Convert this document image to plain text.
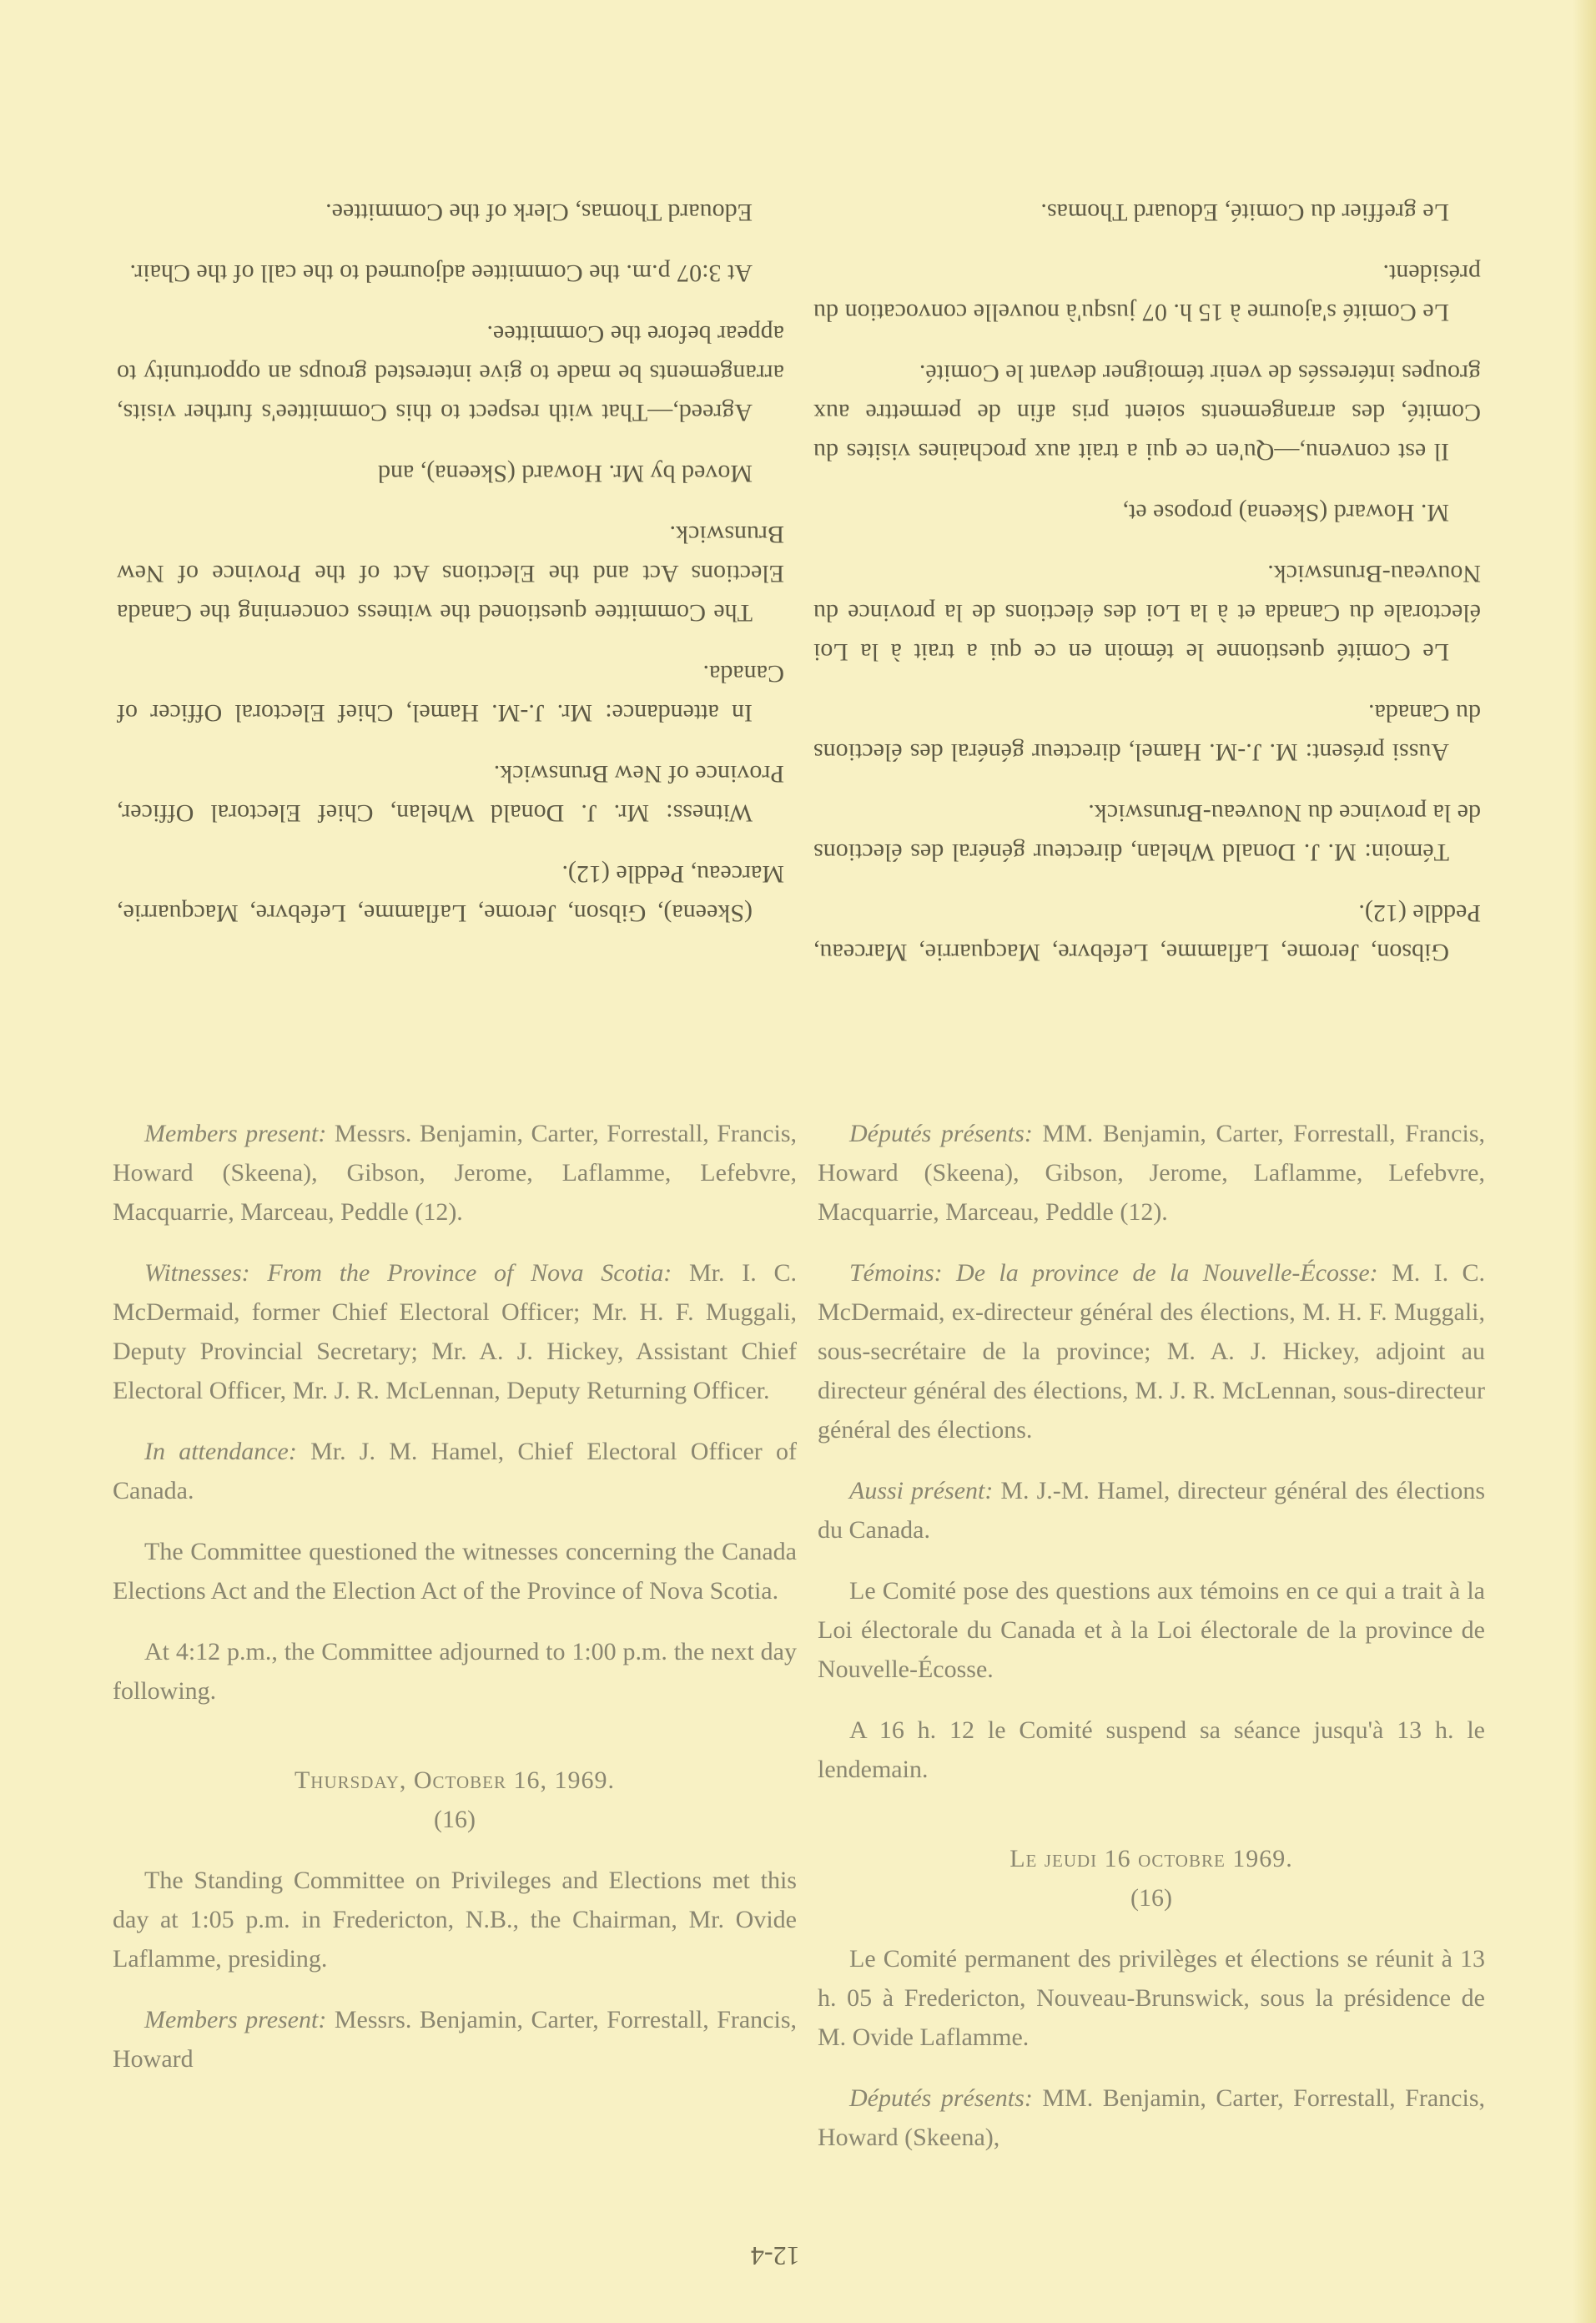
Gibson, Jerome, Laflamme, Lefebvre, Macquarrie, Marceau, Peddle (12).

Témoin: M. J. Donald Whelan, directeur général des élections de la province du Nouveau-Brunswick.

Aussi présent: M. J.-M. Hamel, directeur général des élections du Canada.

Le Comité questionne le témoin en ce qui a trait à la Loi électorale du Canada et à la Loi des élections de la province du Nouveau-Brunswick.

M. Howard (Skeena) propose et,

Il est convenu,—Qu'en ce qui a trait aux prochaines visites du Comité, des arrangements soient pris afin de permettre aux groupes intéressés de venir témoigner devant le Comité.

Le Comité s'ajourne à 15 h. 07 jusqu'à nouvelle convocation du président.

Le greffier du Comité, Edouard Thomas.

(Skeena), Gibson, Jerome, Laflamme, Lefebvre, Macquarrie, Marceau, Peddle (12).

Witness: Mr. J. Donald Whelan, Chief Electoral Officer, Province of New Brunswick.

In attendance: Mr. J.-M. Hamel, Chief Electoral Officer of Canada.

The Committee questioned the witness concerning the Canada Elections Act and the Elections Act of the Province of New Brunswick.

Moved by Mr. Howard (Skeena), and

Agreed,—That with respect to this Committee's further visits, arrangements be made to give interested groups an opportunity to appear before the Committee.

At 3:07 p.m. the Committee adjourned to the call of the Chair.

Edouard Thomas, Clerk of the Committee.

Members present: Messrs. Benjamin, Carter, Forrestall, Francis, Howard (Skeena), Gibson, Jerome, Laflamme, Lefebvre, Macquarrie, Marceau, Peddle (12).

Witnesses: From the Province of Nova Scotia: Mr. I. C. McDermaid, former Chief Electoral Officer; Mr. H. F. Muggali, Deputy Provincial Secretary; Mr. A. J. Hickey, Assistant Chief Electoral Officer, Mr. J. R. McLennan, Deputy Returning Officer.

In attendance: Mr. J. M. Hamel, Chief Electoral Officer of Canada.

The Committee questioned the witnesses concerning the Canada Elections Act and the Election Act of the Province of Nova Scotia.

At 4:12 p.m., the Committee adjourned to 1:00 p.m. the next day following.

Thursday, October 16, 1969.
(16)

The Standing Committee on Privileges and Elections met this day at 1:05 p.m. in Fredericton, N.B., the Chairman, Mr. Ovide Laflamme, presiding.

Members present: Messrs. Benjamin, Carter, Forrestall, Francis, Howard

Députés présents: MM. Benjamin, Carter, Forrestall, Francis, Howard (Skeena), Gibson, Jerome, Laflamme, Lefebvre, Macquarrie, Marceau, Peddle (12).

Témoins: De la province de la Nouvelle-Écosse: M. I. C. McDermaid, ex-directeur général des élections, M. H. F. Muggali, sous-secrétaire de la province; M. A. J. Hickey, adjoint au directeur général des élections, M. J. R. McLennan, sous-directeur général des élections.

Aussi présent: M. J.-M. Hamel, directeur général des élections du Canada.

Le Comité pose des questions aux témoins en ce qui a trait à la Loi électorale du Canada et à la Loi électorale de la province de Nouvelle-Écosse.

A 16 h. 12 le Comité suspend sa séance jusqu'à 13 h. le lendemain.

Le jeudi 16 octobre 1969.
(16)

Le Comité permanent des privilèges et élections se réunit à 13 h. 05 à Fredericton, Nouveau-Brunswick, sous la présidence de M. Ovide Laflamme.

Députés présents: MM. Benjamin, Carter, Forrestall, Francis, Howard (Skeena),

12-4
